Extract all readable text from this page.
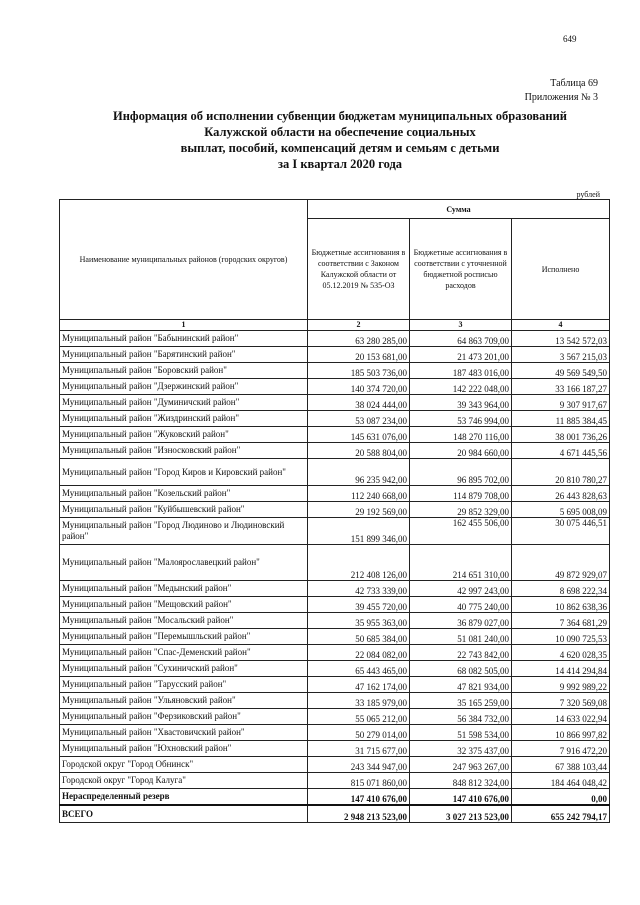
649
Таблица 69
Приложения № 3
Информация об исполнении субвенции бюджетам муниципальных образований
Калужской области на обеспечение социальных
выплат, пособий, компенсаций детям и семьям с детьми
за I квартал 2020 года
рублей
Наименование муниципальных районов (городских округов)	Сумма		
	Бюджетные ассигнования в соответствии с Законом Калужской области от 05.12.2019 № 535-ОЗ	Бюджетные ассигнования в соответствии с уточненной бюджетной росписью расходов	Исполнено
1	2	3	4
Муниципальный район "Бабынинский район"	63 280 285,00	64 863 709,00	13 542 572,03
Муниципальный район "Барятинский район"	20 153 681,00	21 473 201,00	3 567 215,03
Муниципальный район "Боровский район"	185 503 736,00	187 483 016,00	49 569 549,50
Муниципальный район "Дзержинский район"	140 374 720,00	142 222 048,00	33 166 187,27
Муниципальный район "Думиничский район"	38 024 444,00	39 343 964,00	9 307 917,67
Муниципальный район "Жиздринский район"	53 087 234,00	53 746 994,00	11 885 384,45
Муниципальный район "Жуковский район"	145 631 076,00	148 270 116,00	38 001 736,26
Муниципальный район "Износковский район"	20 588 804,00	20 984 660,00	4 671 445,56
Муниципальный район "Город Киров и Кировский район"	96 235 942,00	96 895 702,00	20 810 780,27
Муниципальный район "Козельский район"	112 240 668,00	114 879 708,00	26 443 828,63
Муниципальный район "Куйбышевский район"	29 192 569,00	29 852 329,00	5 695 008,09
Муниципальный район "Город Людиново и Людиновский район"	151 899 346,00	162 455 506,00	30 075 446,51
Муниципальный район "Малоярославецкий район"	212 408 126,00	214 651 310,00	49 872 929,07
Муниципальный район "Медынский район"	42 733 339,00	42 997 243,00	8 698 222,34
Муниципальный район "Мещовский район"	39 455 720,00	40 775 240,00	10 862 638,36
Муниципальный район "Мосальский район"	35 955 363,00	36 879 027,00	7 364 681,29
Муниципальный район "Перемышльский район"	50 685 384,00	51 081 240,00	10 090 725,53
Муниципальный район "Спас-Деменский район"	22 084 082,00	22 743 842,00	4 620 028,35
Муниципальный район "Сухиничский район"	65 443 465,00	68 082 505,00	14 414 294,84
Муниципальный район "Тарусский район"	47 162 174,00	47 821 934,00	9 992 989,22
Муниципальный район "Ульяновский район"	33 185 979,00	35 165 259,00	7 320 569,08
Муниципальный район "Ферзиковский район"	55 065 212,00	56 384 732,00	14 633 022,94
Муниципальный район "Хвастовичский район"	50 279 014,00	51 598 534,00	10 866 997,82
Муниципальный район "Юхновский район"	31 715 677,00	32 375 437,00	7 916 472,20
Городской округ "Город Обнинск"	243 344 947,00	247 963 267,00	67 388 103,44
Городской округ "Город Калуга"	815 071 860,00	848 812 324,00	184 464 048,42
Нераспределенный резерв	147 410 676,00	147 410 676,00	0,00
ВСЕГО	2 948 213 523,00	3 027 213 523,00	655 242 794,17
